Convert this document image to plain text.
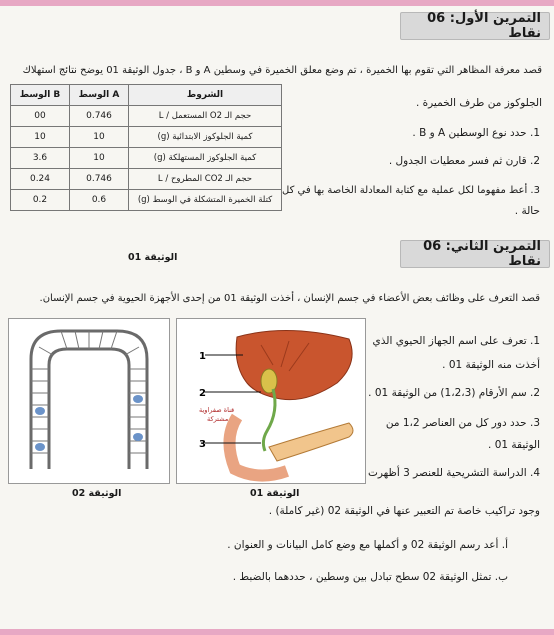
التمرين الأول: 06 نقاط
قصد معرفة المظاهر التي تقوم بها الخميرة ، تم وضع معلق الخميرة في وسطين A و B ، جدول الوثيقة 01 يوضح نتائج استهلاك
الجلوكوز من طرف الخميرة .
الوسط B	الوسط A	الشروط
00	0.746	حجم الـ O2 المستعمل / L
10	10	كمية الجلوكوز الابتدائية (g)
3.6	10	كمية الجلوكوز المستهلكة (g)
0.24	0.746	حجم الـ CO2 المطروح / L
0.2	0.6	كتلة الخميرة المتشكلة في الوسط (g)
الوثيقة 01
1. حدد نوع الوسطين A و B .
2. قارن ثم فسر معطيات الجدول .
3. أعط مفهوما لكل عملية مع كتابة المعادلة الخاصة بها في كل
حالة .
التمرين الثاني: 06 نقاط
قصد التعرف على وظائف بعض الأعضاء في جسم الإنسان ، أخذت الوثيقة 01 من إحدى الأجهزة الحيوية في جسم الإنسان.
الوثيقة 02
1
2
3
قناة صفراوية
مشتركة
الوثيقة 01
1. تعرف على اسم الجهاز الحيوي الذي
أخذت منه الوثيقة 01 .
2. سم الأرقام (1،2،3) من الوثيقة 01 .
3. حدد دور كل من العناصر 1،2 من
الوثيقة 01 .
4. الدراسة التشريحية للعنصر 3 أظهرت
وجود تراكيب خاصة تم التعبير عنها في الوثيقة 02 (غير كاملة) .
أ. أعد رسم الوثيقة 02 و أكملها مع وضع كامل البيانات و العنوان .
ب. تمثل الوثيقة 02 سطح تبادل بين وسطين ، حددهما بالضبط .
